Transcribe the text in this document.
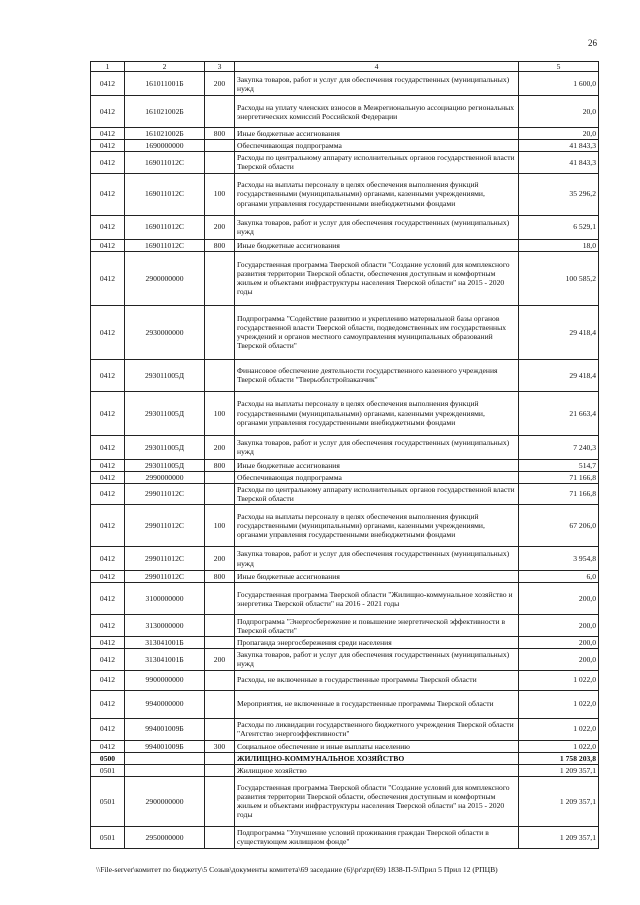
26
1	2	3	4	5
0412	161011001Б	200	Закупка товаров, работ и услуг для обеспечения государственных (муниципальных) нужд	1 600,0
0412	161021002Б		Расходы на уплату членских взносов в Межрегиональную ассоциацию региональных энергетических комиссий Российской Федерации	20,0
0412	161021002Б	800	Иные бюджетные ассигнования	20,0
0412	1690000000		Обеспечивающая подпрограмма	41 843,3
0412	169011012С		Расходы по центральному аппарату исполнительных органов государственной власти Тверской области	41 843,3
0412	169011012С	100	Расходы на выплаты персоналу в целях обеспечения выполнения функций государственными (муниципальными) органами, казенными учреждениями, органами управления государственными внебюджетными фондами	35 296,2
0412	169011012С	200	Закупка товаров, работ и услуг для обеспечения государственных (муниципальных) нужд	6 529,1
0412	169011012С	800	Иные бюджетные ассигнования	18,0
0412	2900000000		Государственная программа Тверской области "Создание условий для комплексного развития территории Тверской области, обеспечения доступным и комфортным жильем и объектами инфраструктуры населения Тверской области" на 2015 - 2020 годы	100 585,2
0412	2930000000		Подпрограмма "Содействие развитию и укреплению материальной базы органов государственной власти Тверской области, подведомственных им государственных учреждений и органов местного самоуправления муниципальных образований Тверской области"	29 418,4
0412	293011005Д		Финансовое обеспечение деятельности государственного казенного учреждения Тверской области "Тверьоблстройзаказчик"	29 418,4
0412	293011005Д	100	Расходы на выплаты персоналу в целях обеспечения выполнения функций государственными (муниципальными) органами, казенными учреждениями, органами управления государственными внебюджетными фондами	21 663,4
0412	293011005Д	200	Закупка товаров, работ и услуг для обеспечения государственных (муниципальных) нужд	7 240,3
0412	293011005Д	800	Иные бюджетные ассигнования	514,7
0412	2990000000		Обеспечивающая подпрограмма	71 166,8
0412	299011012С		Расходы по центральному аппарату исполнительных органов государственной власти Тверской области	71 166,8
0412	299011012С	100	Расходы на выплаты персоналу в целях обеспечения выполнения функций государственными (муниципальными) органами, казенными учреждениями, органами управления государственными внебюджетными фондами	67 206,0
0412	299011012С	200	Закупка товаров, работ и услуг для обеспечения государственных (муниципальных) нужд	3 954,8
0412	299011012С	800	Иные бюджетные ассигнования	6,0
0412	3100000000		Государственная программа Тверской области "Жилищно-коммунальное хозяйство и энергетика Тверской области" на 2016 - 2021 годы	200,0
0412	3130000000		Подпрограмма "Энергосбережение и повышение энергетической эффективности в Тверской области"	200,0
0412	313041001Б		Пропаганда энергосбережения среди населения	200,0
0412	313041001Б	200	Закупка товаров, работ и услуг для обеспечения государственных (муниципальных) нужд	200,0
0412	9900000000		Расходы, не включенные в государственные программы Тверской области	1 022,0
0412	9940000000		Мероприятия, не включенные в государственные программы Тверской области	1 022,0
0412	994001009Б		Расходы по ликвидации государственного бюджетного учреждения Тверской области "Агентство энергоэффективности"	1 022,0
0412	994001009Б	300	Социальное обеспечение и иные выплаты населению	1 022,0
0500			ЖИЛИЩНО-КОММУНАЛЬНОЕ ХОЗЯЙСТВО	1 758 203,8
0501			Жилищное хозяйство	1 209 357,1
0501	2900000000		Государственная программа Тверской области "Создание условий для комплексного развития территории Тверской области, обеспечения доступным и комфортным жильем и объектами инфраструктуры населения Тверской области" на 2015 - 2020 годы	1 209 357,1
0501	2950000000		Подпрограмма "Улучшение условий проживания граждан Тверской области в существующем жилищном фонде"	1 209 357,1
\\File-server\комитет по бюджету\5 Созыв\документы комитета\69 заседание (6)\pr\zpr(69) 1838-П-5\Прил 5 Прил 12 (РПЦВ)
